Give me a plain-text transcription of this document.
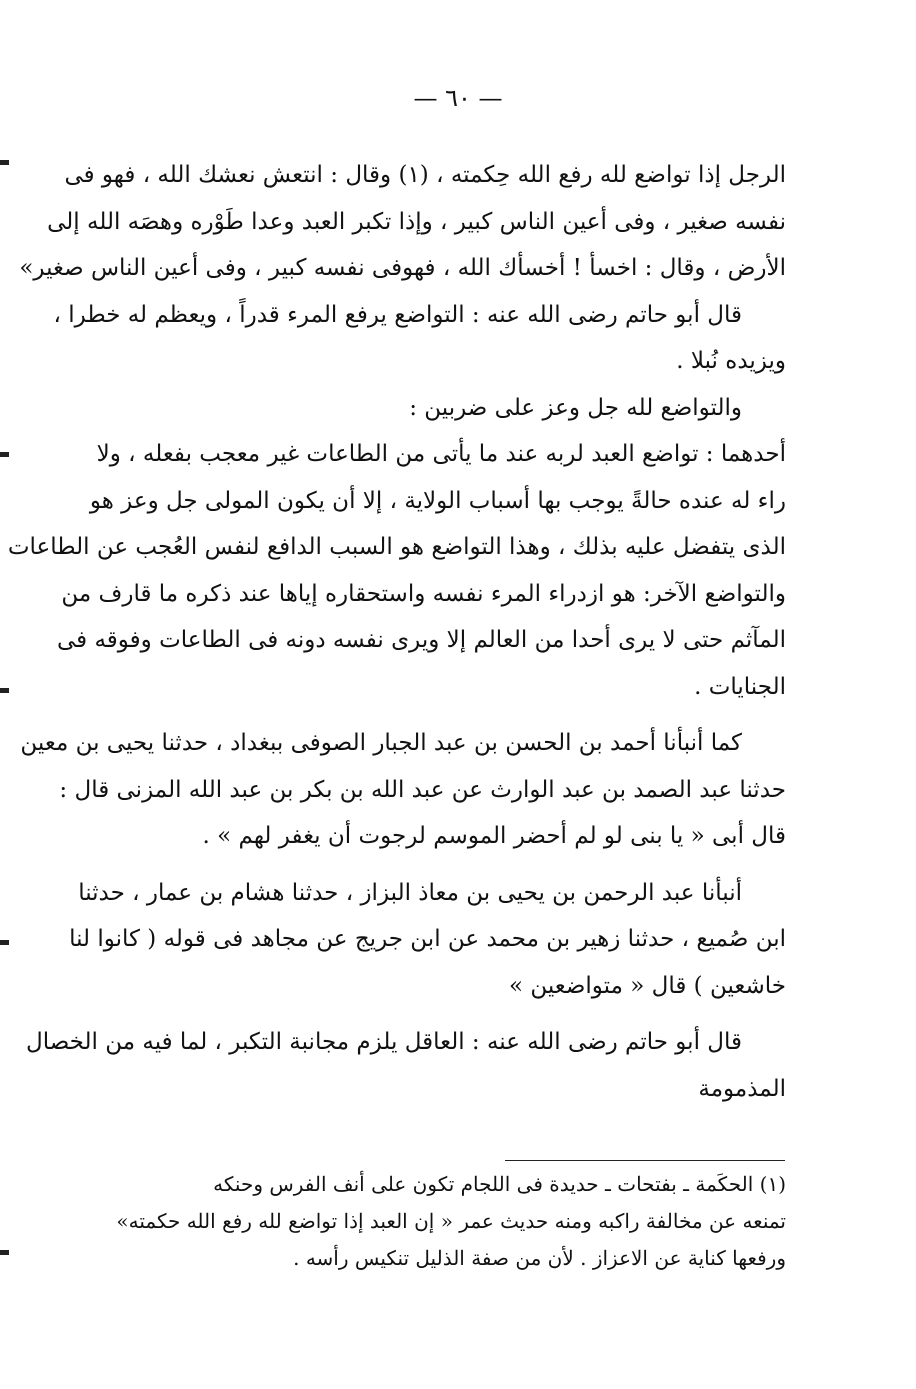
— ٦٠ —

الرجل إذا تواضع لله رفع الله حِكمته ، (١) وقال : انتعش نعشك الله ، فهو فى
نفسه صغير ، وفى أعين الناس كبير ، وإذا تكبر العبد وعدا طَوْره وهصَه الله إلى
الأرض ، وقال : اخسأ ! أخسأك الله ، فهوفى نفسه كبير ، وفى أعين الناس صغير»

قال أبو حاتم رضى الله عنه : التواضع يرفع المرء قدراً ، ويعظم له خطرا ،
ويزيده نُبلا .

والتواضع لله جل وعز على ضربين :

أحدهما : تواضع العبد لربه عند ما يأتى من الطاعات غير معجب بفعله ، ولا
راء له عنده حالةً يوجب بها أسباب الولاية ، إلا أن يكون المولى جل وعز هو
الذى يتفضل عليه بذلك ، وهذا التواضع هو السبب الدافع لنفس العُجب عن الطاعات

والتواضع الآخر: هو ازدراء المرء نفسه واستحقاره إياها عند ذكره ما قارف من
المآثم حتى لا يرى أحدا من العالم إلا ويرى نفسه دونه فى الطاعات وفوقه فى
الجنايات .

كما أنبأنا أحمد بن الحسن بن عبد الجبار الصوفى ببغداد ، حدثنا يحيى بن معين
حدثنا عبد الصمد بن عبد الوارث عن عبد الله بن بكر بن عبد الله المزنى قال :
قال أبى « يا بنى لو لم أحضر الموسم لرجوت أن يغفر لهم » .

أنبأنا عبد الرحمن بن يحيى بن معاذ البزاز ، حدثنا هشام بن عمار ، حدثنا
ابن صُميع ، حدثنا زهير بن محمد عن ابن جريج عن مجاهد فى قوله ( كانوا لنا
خاشعين ) قال « متواضعين »

قال أبو حاتم رضى الله عنه : العاقل يلزم مجانبة التكبر ، لما فيه من الخصال
المذمومة

(١) الحكَمة ـ بفتحات ـ حديدة فى اللجام تكون على أنف الفرس وحنكه
تمنعه عن مخالفة راكبه ومنه حديث عمر « إن العبد إذا تواضع لله رفع الله حكمته»
ورفعها كناية عن الاعزاز . لأن من صفة الذليل تنكيس رأسه .
